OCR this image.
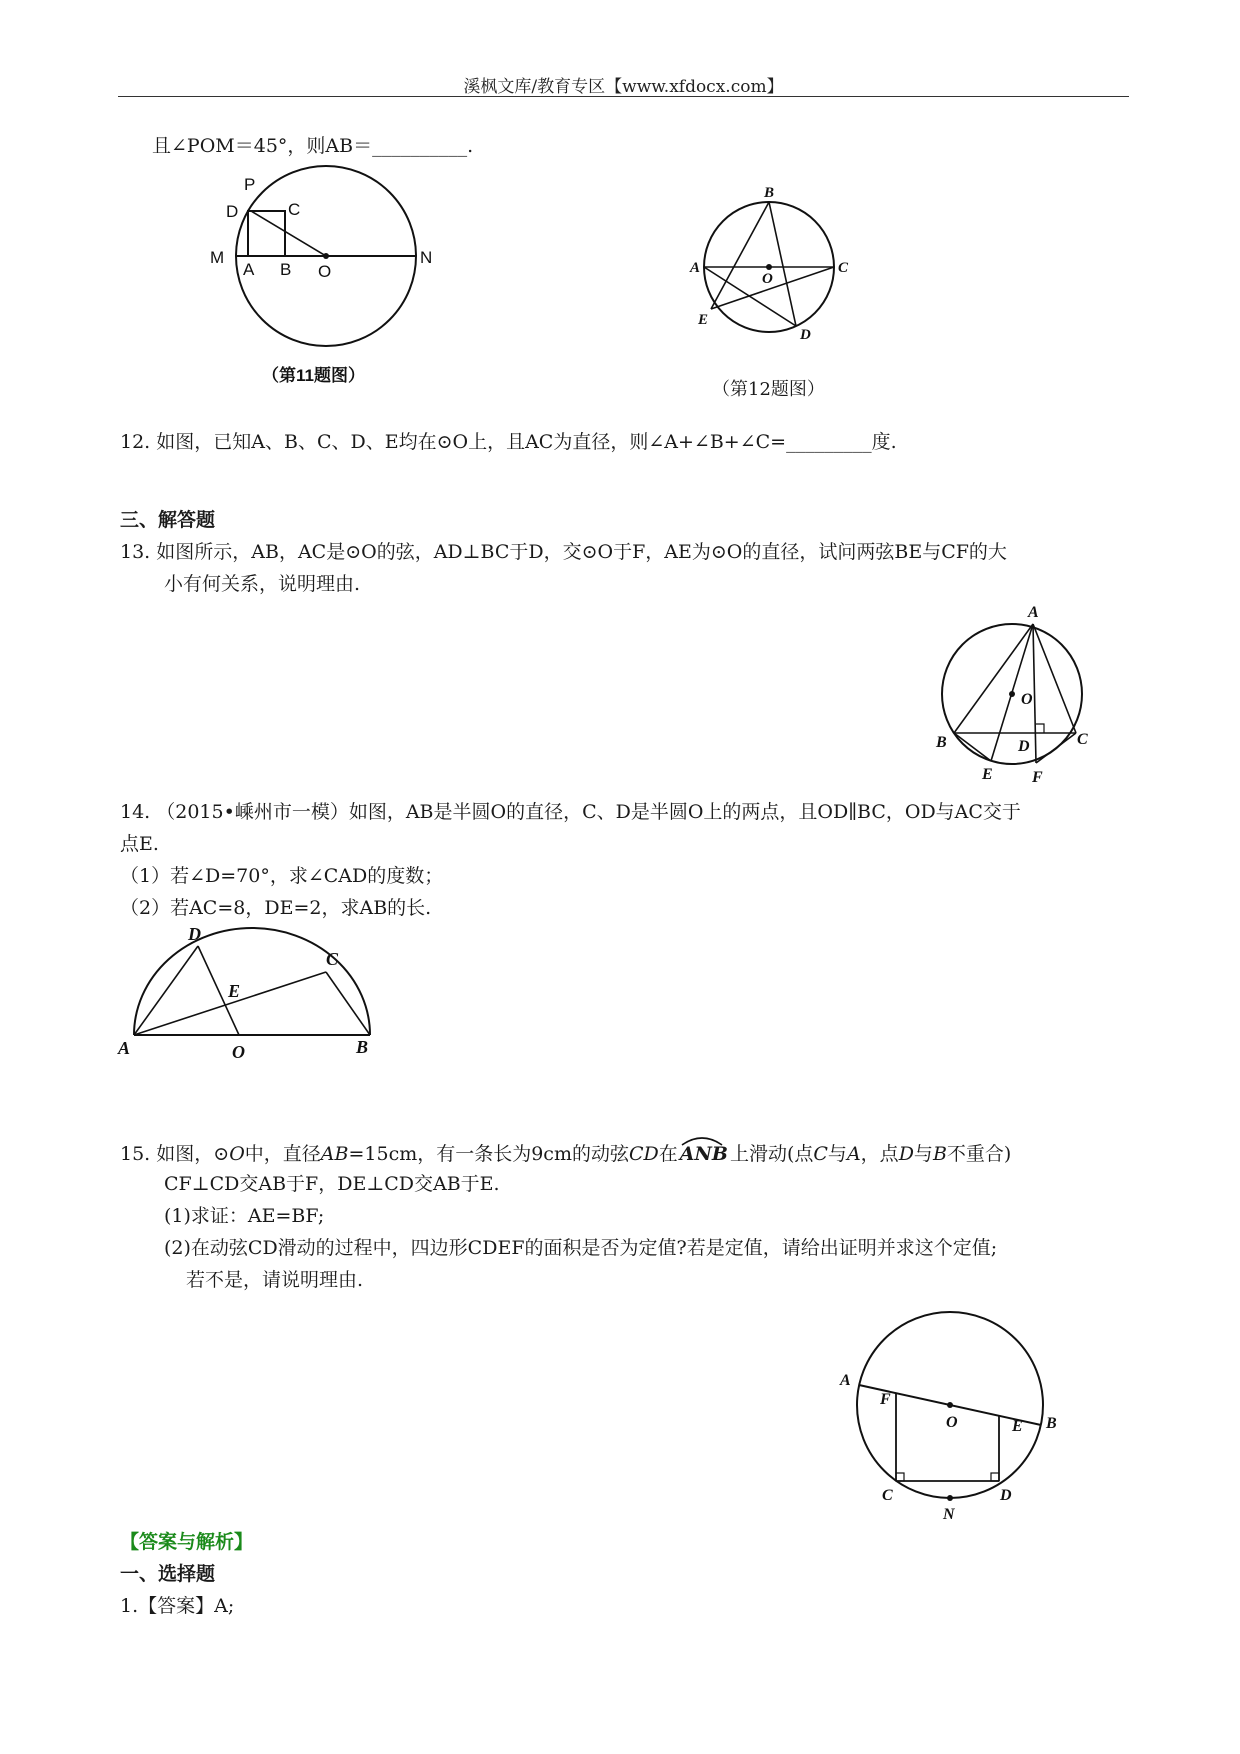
溪枫文库/教育专区【www.xfdocx.com】
且∠POM＝45°，则AB＝__________.
P
D	C
M
A B O
N
（第11题图）
B
A
O
C
E
D
（第12题图）
12. 如图，已知A、B、C、D、E均在⊙O上，且AC为直径，则∠A+∠B+∠C=_________度.
三、解答题
13. 如图所示，AB，AC是⊙O的弦，AD⊥BC于D，交⊙O于F，AE为⊙O的直径，试问两弦BE与CF的大
小有何关系，说明理由.
A
O
B	D	C
E F
14. （2015•嵊州市一模）如图，AB是半圆O的直径，C、D是半圆O上的两点，且OD∥BC，OD与AC交于
点E.
（1）若∠D=70°，求∠CAD的度数；
（2）若AC=8，DE=2，求AB的长.
D
C
E
A	O	B
15. 如图，⊙O中，直径AB=15cm，有一条长为9cm的动弦CD在 ANB 上滑动(点C与A，点D与B不重合)
CF⊥CD交AB于F，DE⊥CD交AB于E.
(1)求证：AE=BF;
(2)在动弦CD滑动的过程中，四边形CDEF的面积是否为定值?若是定值，请给出证明并求这个定值;
若不是，请说明理由.
A
F
O	E B
C	D
N
【答案与解析】
一、选择题
1.【答案】A;
